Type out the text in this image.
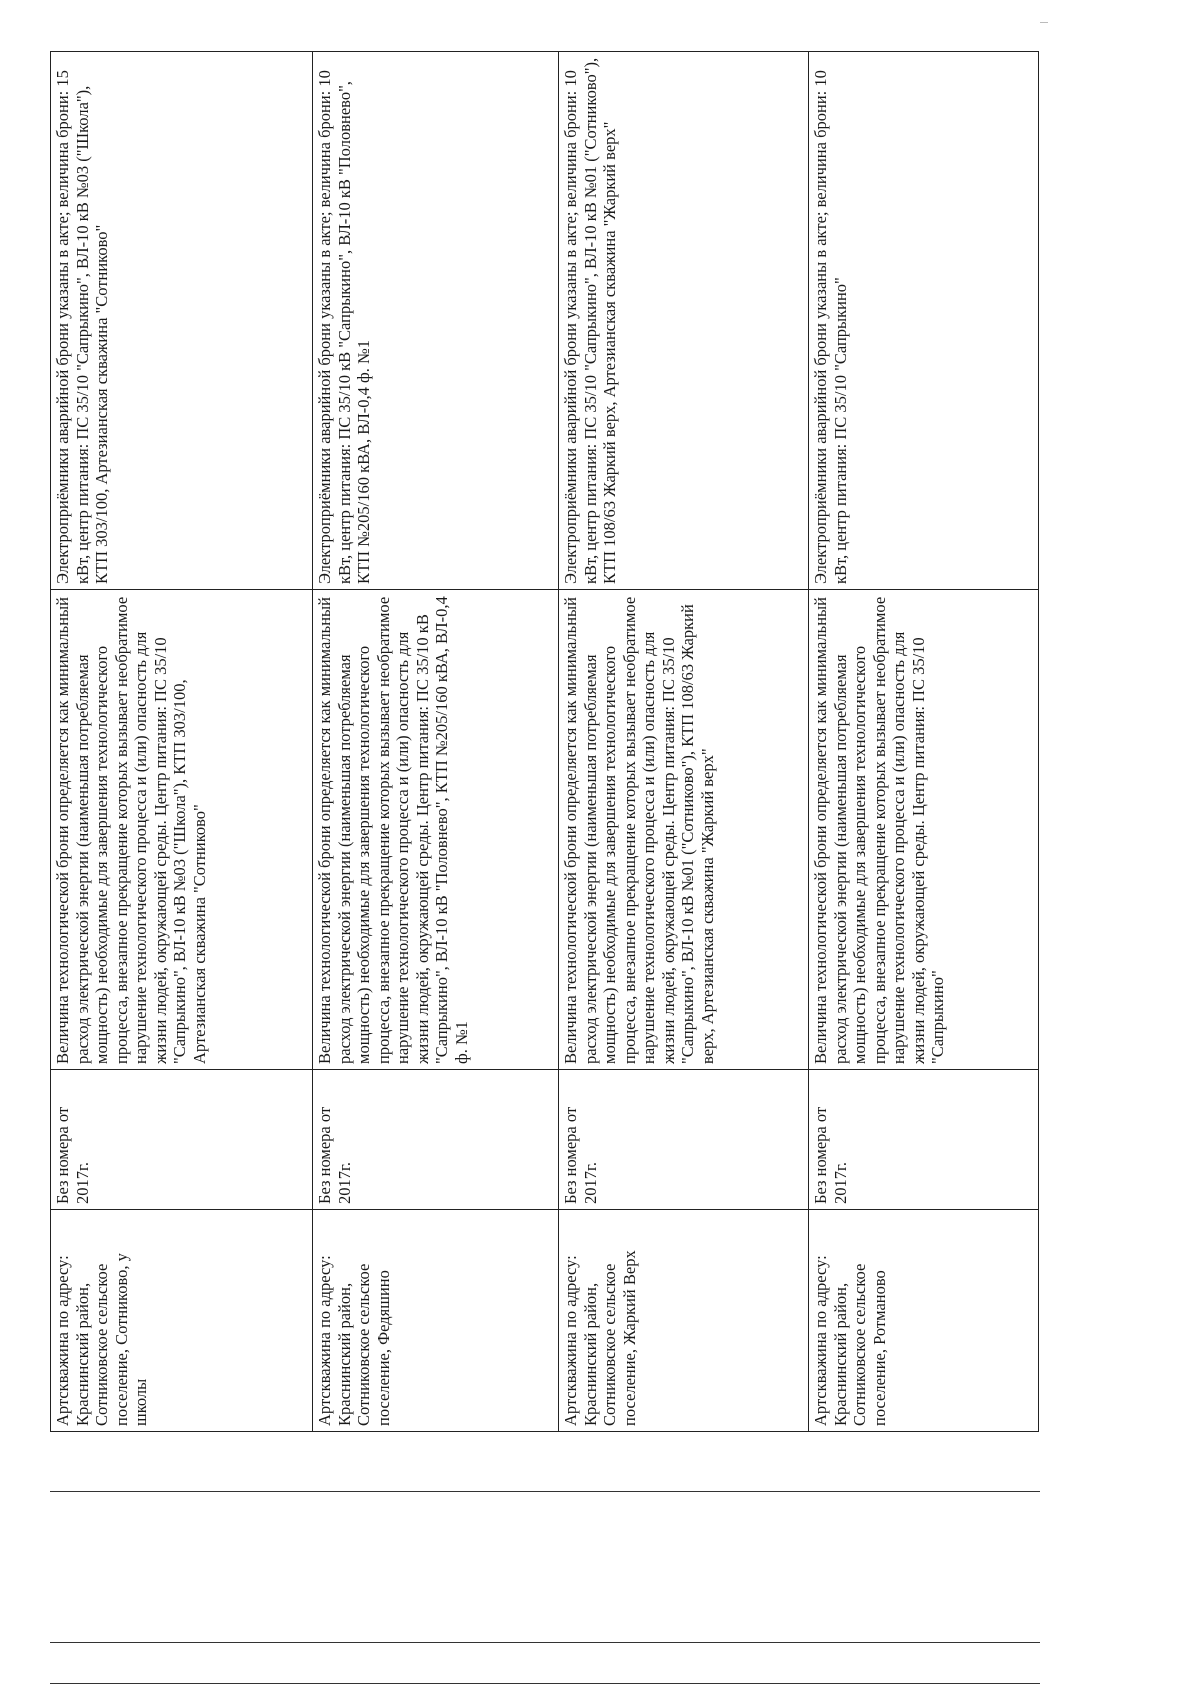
Артскважина по адресу: Краснинский район, Сотниковское сельское поселение, Сотниково, у школы	Без номера от 2017г.	Величина технологической брони определяется как минимальный расход электрической энергии (наименьшая потребляемая мощность) необходимые для завершения технологического процесса, внезапное прекращение которых вызывает необратимое нарушение технологического процесса и (или) опасность для жизни людей, окружающей среды. Центр питания: ПС 35/10 "Сапрыкино", ВЛ-10 кВ №03 ("Школа"), КТП 303/100, Артезианская скважина "Сотниково"	Электроприёмники аварийной брони указаны в акте; величина брони: 15 кВт, центр питания: ПС 35/10 "Сапрыкино", ВЛ-10 кВ №03 ("Школа"), КТП 303/100, Артезианская скважина "Сотниково"
Артскважина по адресу: Краснинский район, Сотниковское сельское поселение, Федяшино	Без номера от 2017г.	Величина технологической брони определяется как минимальный расход электрической энергии (наименьшая потребляемая мощность) необходимые для завершения технологического процесса, внезапное прекращение которых вызывает необратимое нарушение технологического процесса и (или) опасность для жизни людей, окружающей среды. Центр питания: ПС 35/10 кВ "Сапрыкино", ВЛ-10 кВ "Половнево", КТП №205/160 кВА, ВЛ-0,4 ф. №1	Электроприёмники аварийной брони указаны в акте; величина брони: 10 кВт, центр питания: ПС 35/10 кВ "Сапрыкино", ВЛ-10 кВ "Половнево", КТП №205/160 кВА, ВЛ-0,4 ф. №1
Артскважина по адресу: Краснинский район, Сотниковское сельское поселение, Жаркий Верх	Без номера от 2017г.	Величина технологической брони определяется как минимальный расход электрической энергии (наименьшая потребляемая мощность) необходимые для завершения технологического процесса, внезапное прекращение которых вызывает необратимое нарушение технологического процесса и (или) опасность для жизни людей, окружающей среды. Центр питания: ПС 35/10 "Сапрыкино", ВЛ-10 кВ №01 ("Сотниково"), КТП 108/63 Жаркий верх, Артезианская скважина "Жаркий верх"	Электроприёмники аварийной брони указаны в акте; величина брони: 10 кВт, центр питания: ПС 35/10 "Сапрыкино", ВЛ-10 кВ №01 ("Сотниково"), КТП 108/63 Жаркий верх, Артезианская скважина "Жаркий верх"
Артскважина по адресу: Краснинский район, Сотниковское сельское поселение, Ротманово	Без номера от 2017г.	Величина технологической брони определяется как минимальный расход электрической энергии (наименьшая потребляемая мощность) необходимые для завершения технологического процесса, внезапное прекращение которых вызывает необратимое нарушение технологического процесса и (или) опасность для жизни людей, окружающей среды. Центр питания: ПС 35/10 "Сапрыкино"	Электроприёмники аварийной брони указаны в акте; величина брони: 10 кВт, центр питания: ПС 35/10 "Сапрыкино"
